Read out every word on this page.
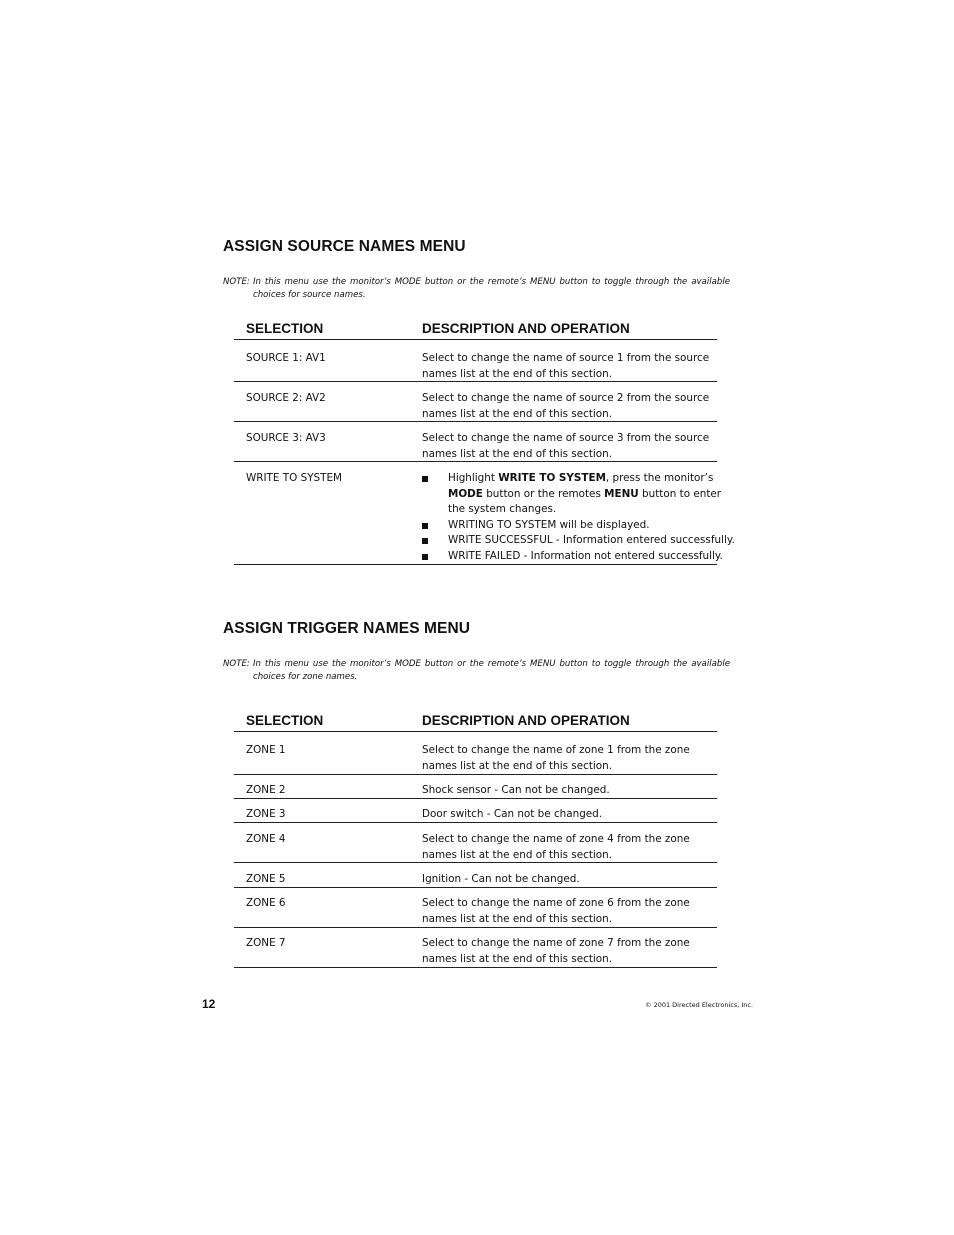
ASSIGN SOURCE NAMES MENU
NOTE: In this menu use the monitor’s MODE button or the remote’s MENU button to toggle through the available choices for source names.
SELECTION	DESCRIPTION AND OPERATION
SOURCE 1: AV1	Select to change the name of source 1 from the source names list at the end of this section.
SOURCE 2: AV2	Select to change the name of source 2 from the source names list at the end of this section.
SOURCE 3: AV3	Select to change the name of source 3 from the source names list at the end of this section.
WRITE TO SYSTEM	Highlight WRITE TO SYSTEM, press the monitor’s
MODE button or the remotes MENU button to enter the system changes.
WRITING TO SYSTEM will be displayed.
WRITE SUCCESSFUL - Information entered successfully.
WRITE FAILED - Information not entered successfully.
ASSIGN TRIGGER NAMES MENU
NOTE: In this menu use the monitor’s MODE button or the remote’s MENU button to toggle through the available choices for zone names.
SELECTION	DESCRIPTION AND OPERATION
ZONE 1	Select to change the name of zone 1 from the zone names list at the end of this section.
ZONE 2	Shock sensor - Can not be changed.
ZONE 3	Door switch - Can not be changed.
ZONE 4	Select to change the name of zone 4 from the zone names list at the end of this section.
ZONE 5	Ignition - Can not be changed.
ZONE 6	Select to change the name of zone 6 from the zone names list at the end of this section.
ZONE 7	Select to change the name of zone 7 from the zone names list at the end of this section.
12	© 2001 Directed Electronics, Inc.
